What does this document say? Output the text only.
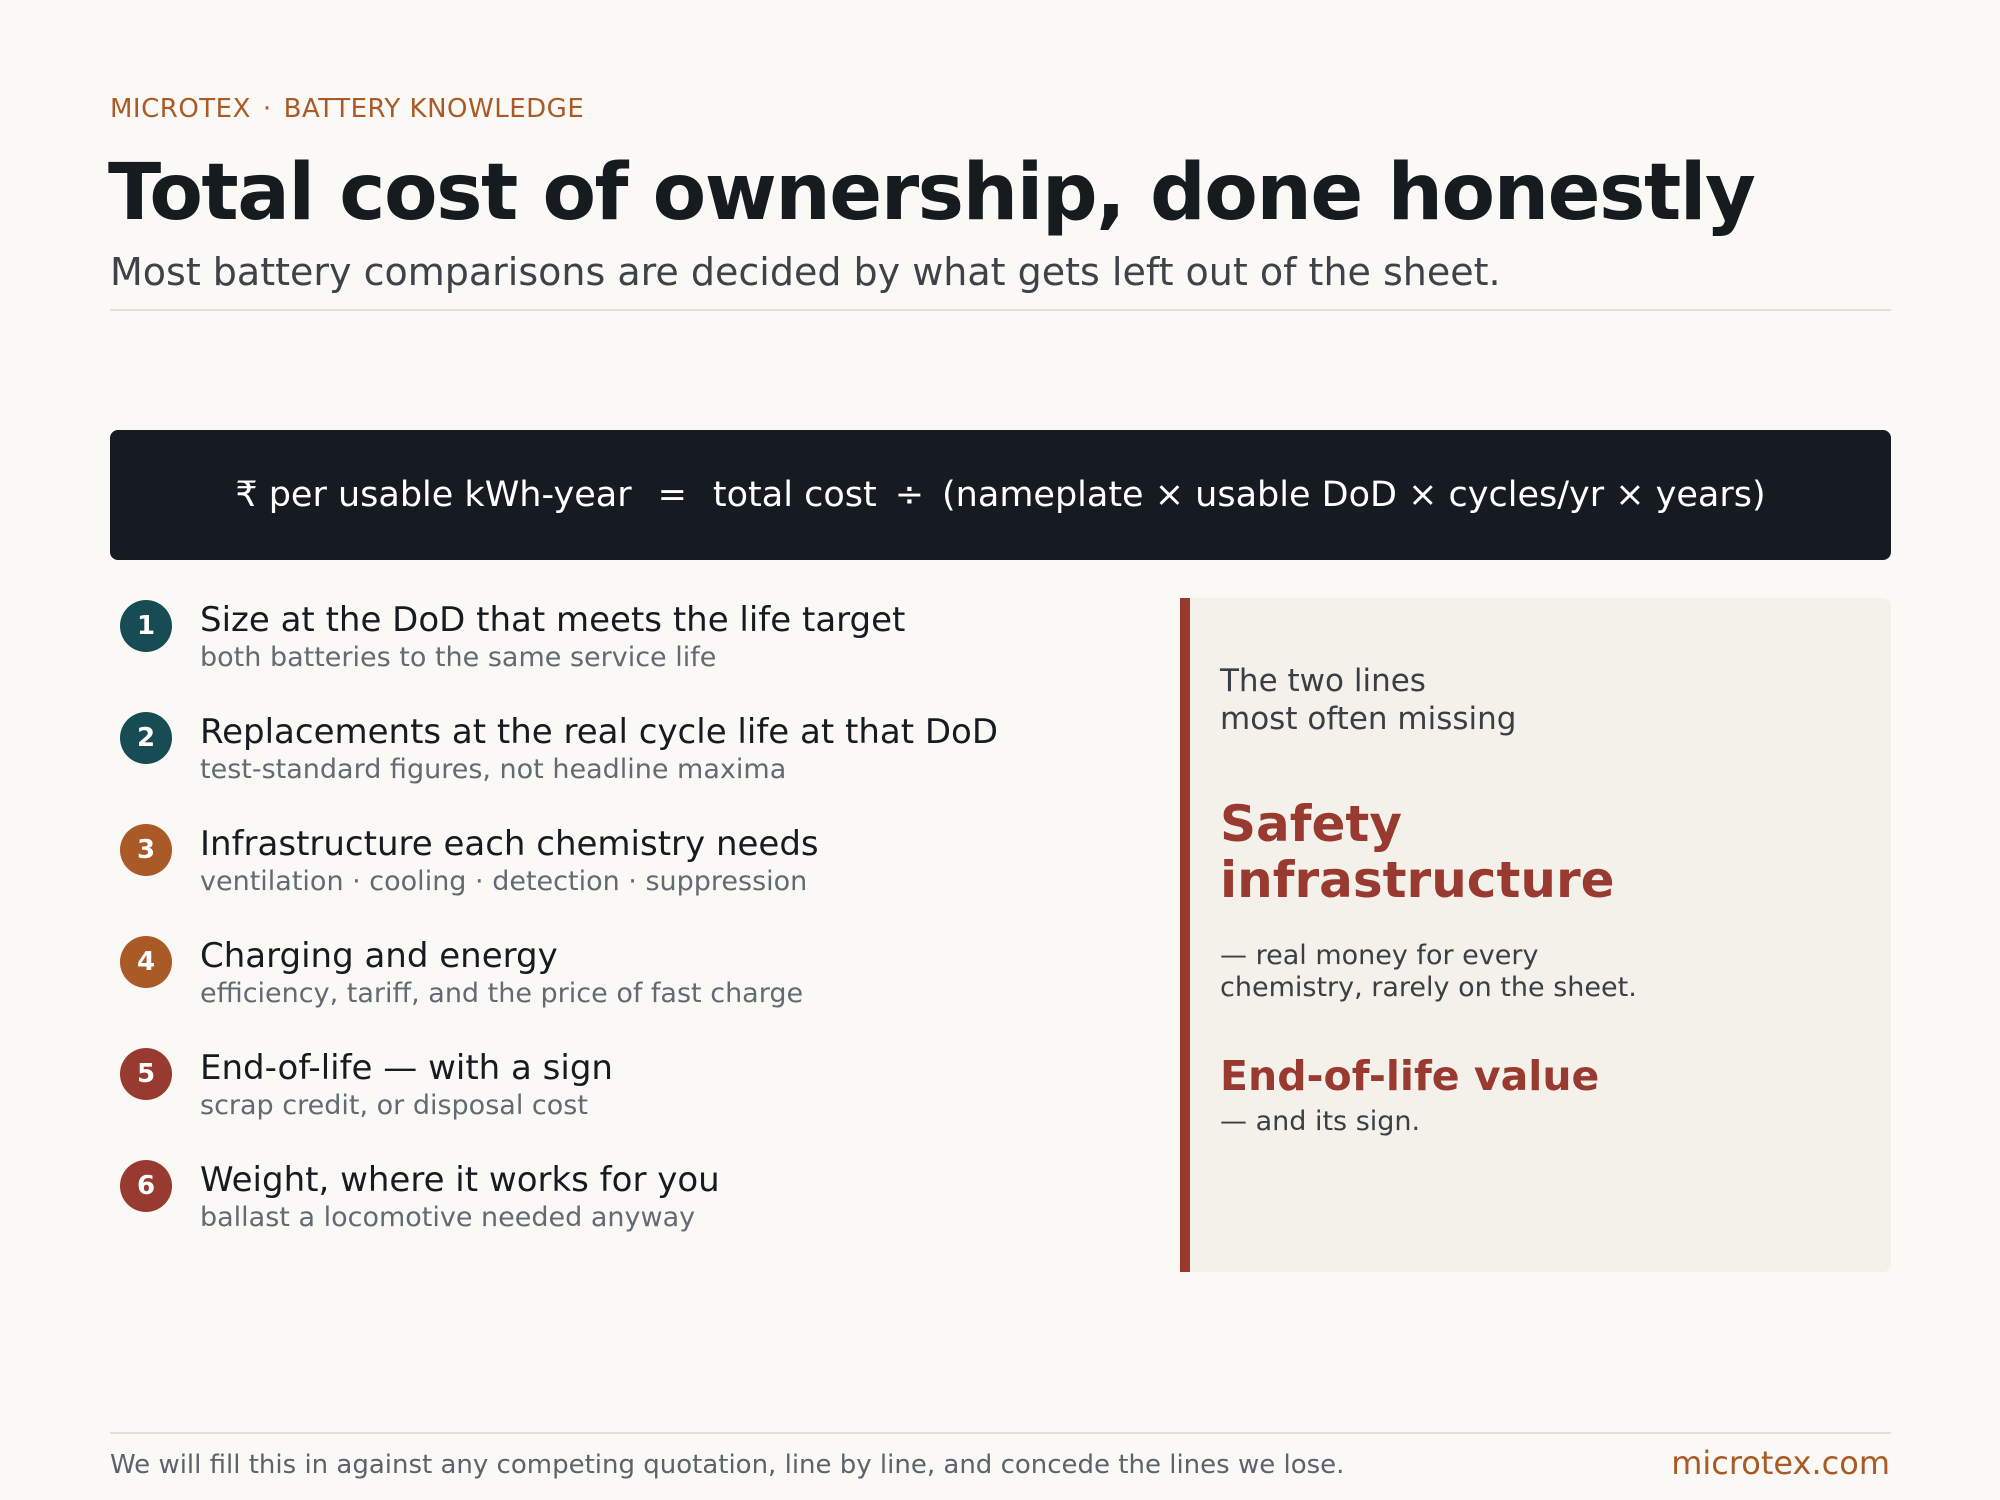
MICROTEX · BATTERY KNOWLEDGE
Total cost of ownership, done honestly
Most battery comparisons are decided by what gets left out of the sheet.
₹ per usable kWh-year = total cost ÷ (nameplate × usable DoD × cycles/yr × years)
1	Size at the DoD that meets the life target
both batteries to the same service life
2	Replacements at the real cycle life at that DoD
test-standard figures, not headline maxima
3	Infrastructure each chemistry needs
ventilation · cooling · detection · suppression
4	Charging and energy
efficiency, tariff, and the price of fast charge
5	End-of-life — with a sign
scrap credit, or disposal cost
6	Weight, where it works for you
ballast a locomotive needed anyway
The two lines
most often missing
Safety
infrastructure
— real money for every
chemistry, rarely on the sheet.
End-of-life value
— and its sign.
We will fill this in against any competing quotation, line by line, and concede the lines we lose.	microtex.com
